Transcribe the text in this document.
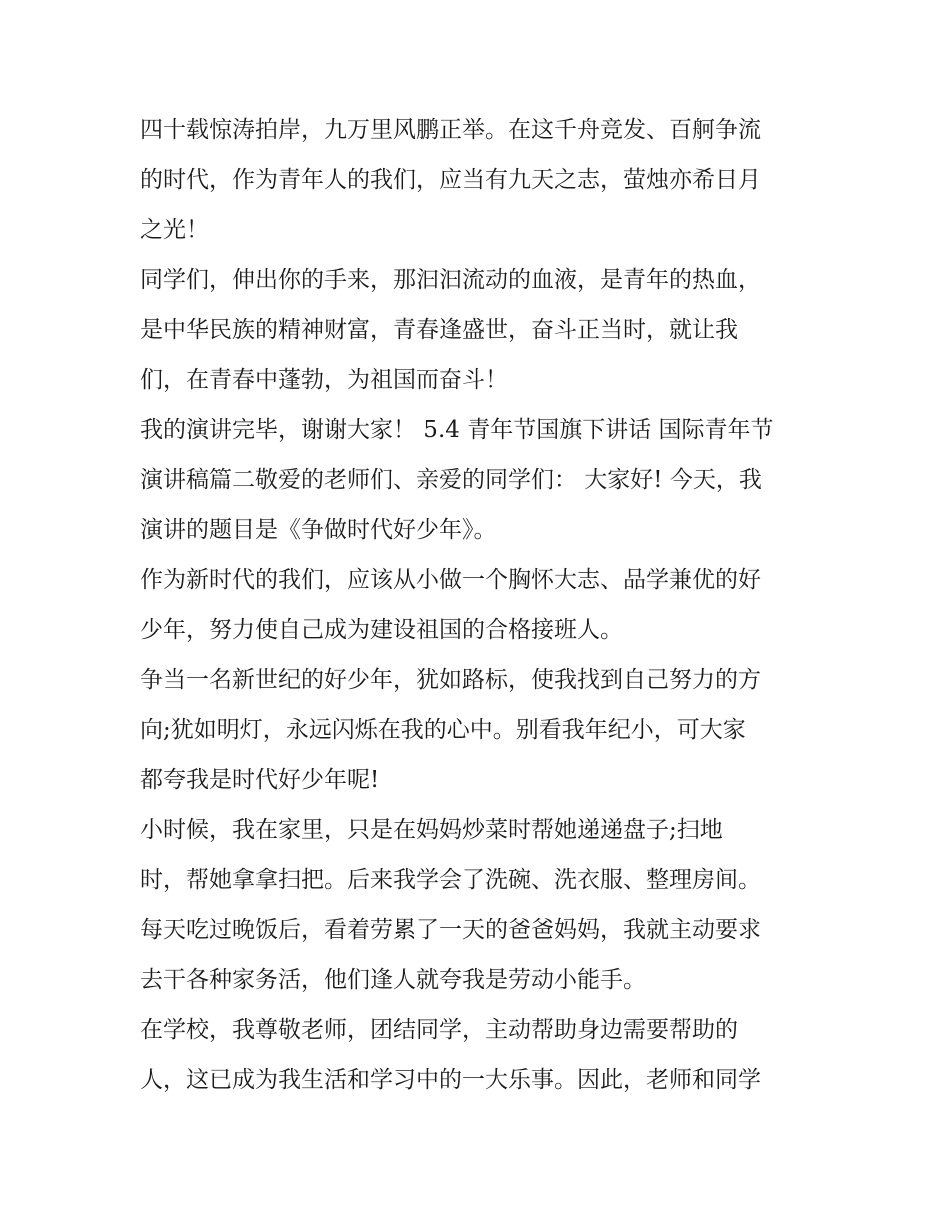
四十载惊涛拍岸，九万里风鹏正举。在这千舟竞发、百舸争流
的时代，作为青年人的我们，应当有九天之志，萤烛亦希日月
之光！

同学们，伸出你的手来，那汩汩流动的血液，是青年的热血，
是中华民族的精神财富，青春逢盛世，奋斗正当时，就让我
们，在青春中蓬勃，为祖国而奋斗！

我的演讲完毕，谢谢大家！ 5.4 青年节国旗下讲话 国际青年节
演讲稿篇二敬爱的老师们、亲爱的同学们： 大家好! 今天，我
演讲的题目是《争做时代好少年》。

作为新时代的我们，应该从小做一个胸怀大志、品学兼优的好
少年，努力使自己成为建设祖国的合格接班人。

争当一名新世纪的好少年，犹如路标，使我找到自己努力的方
向;犹如明灯，永远闪烁在我的心中。别看我年纪小，可大家
都夸我是时代好少年呢!

小时候，我在家里，只是在妈妈炒菜时帮她递递盘子;扫地
时，帮她拿拿扫把。后来我学会了洗碗、洗衣服、整理房间。
每天吃过晚饭后，看着劳累了一天的爸爸妈妈，我就主动要求
去干各种家务活，他们逢人就夸我是劳动小能手。

在学校，我尊敬老师，团结同学，主动帮助身边需要帮助的
人，这已成为我生活和学习中的一大乐事。因此，老师和同学
